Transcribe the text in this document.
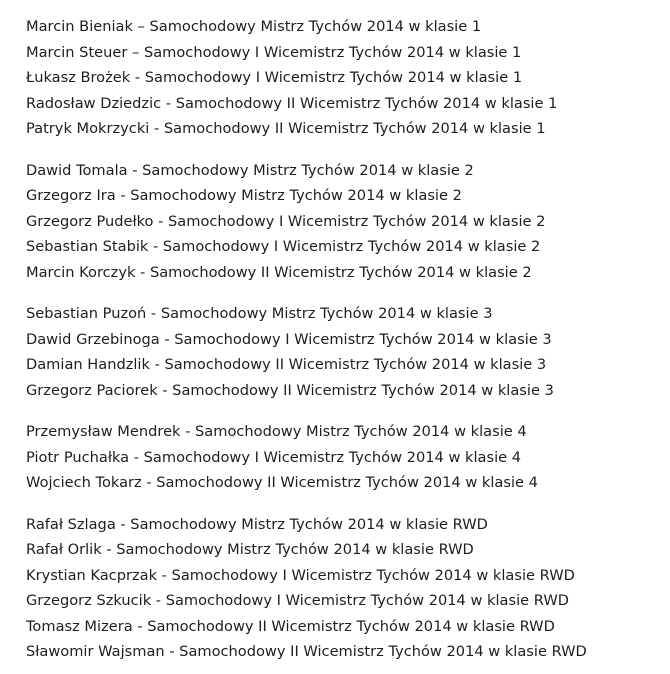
Marcin Bieniak – Samochodowy Mistrz Tychów 2014 w klasie 1
Marcin Steuer – Samochodowy I Wicemistrz Tychów 2014 w klasie 1
Łukasz Brożek - Samochodowy I Wicemistrz Tychów 2014 w klasie 1
Radosław Dziedzic - Samochodowy II Wicemistrz Tychów 2014 w klasie 1
Patryk Mokrzycki - Samochodowy II Wicemistrz Tychów 2014 w klasie 1
Dawid Tomala - Samochodowy Mistrz Tychów 2014 w klasie 2
Grzegorz Ira - Samochodowy Mistrz Tychów 2014 w klasie 2
Grzegorz Pudełko - Samochodowy I Wicemistrz Tychów 2014 w klasie 2
Sebastian Stabik - Samochodowy I Wicemistrz Tychów 2014 w klasie 2
Marcin Korczyk - Samochodowy II Wicemistrz Tychów 2014 w klasie 2
Sebastian Puzoń - Samochodowy Mistrz Tychów 2014 w klasie 3
Dawid Grzebinoga - Samochodowy I Wicemistrz Tychów 2014 w klasie 3
Damian Handzlik - Samochodowy II Wicemistrz Tychów 2014 w klasie 3
Grzegorz Paciorek - Samochodowy II Wicemistrz Tychów 2014 w klasie 3
Przemysław Mendrek - Samochodowy Mistrz Tychów 2014 w klasie 4
Piotr Puchałka - Samochodowy I Wicemistrz Tychów 2014 w klasie 4
Wojciech Tokarz - Samochodowy II Wicemistrz Tychów 2014 w klasie 4
Rafał Szlaga - Samochodowy Mistrz Tychów 2014 w klasie RWD
Rafał Orlik - Samochodowy Mistrz Tychów 2014 w klasie RWD
Krystian Kacprzak - Samochodowy I Wicemistrz Tychów 2014 w klasie RWD
Grzegorz Szkucik - Samochodowy I Wicemistrz Tychów 2014 w klasie RWD
Tomasz Mizera - Samochodowy II Wicemistrz Tychów 2014 w klasie RWD
Sławomir Wajsman - Samochodowy II Wicemistrz Tychów 2014 w klasie RWD
